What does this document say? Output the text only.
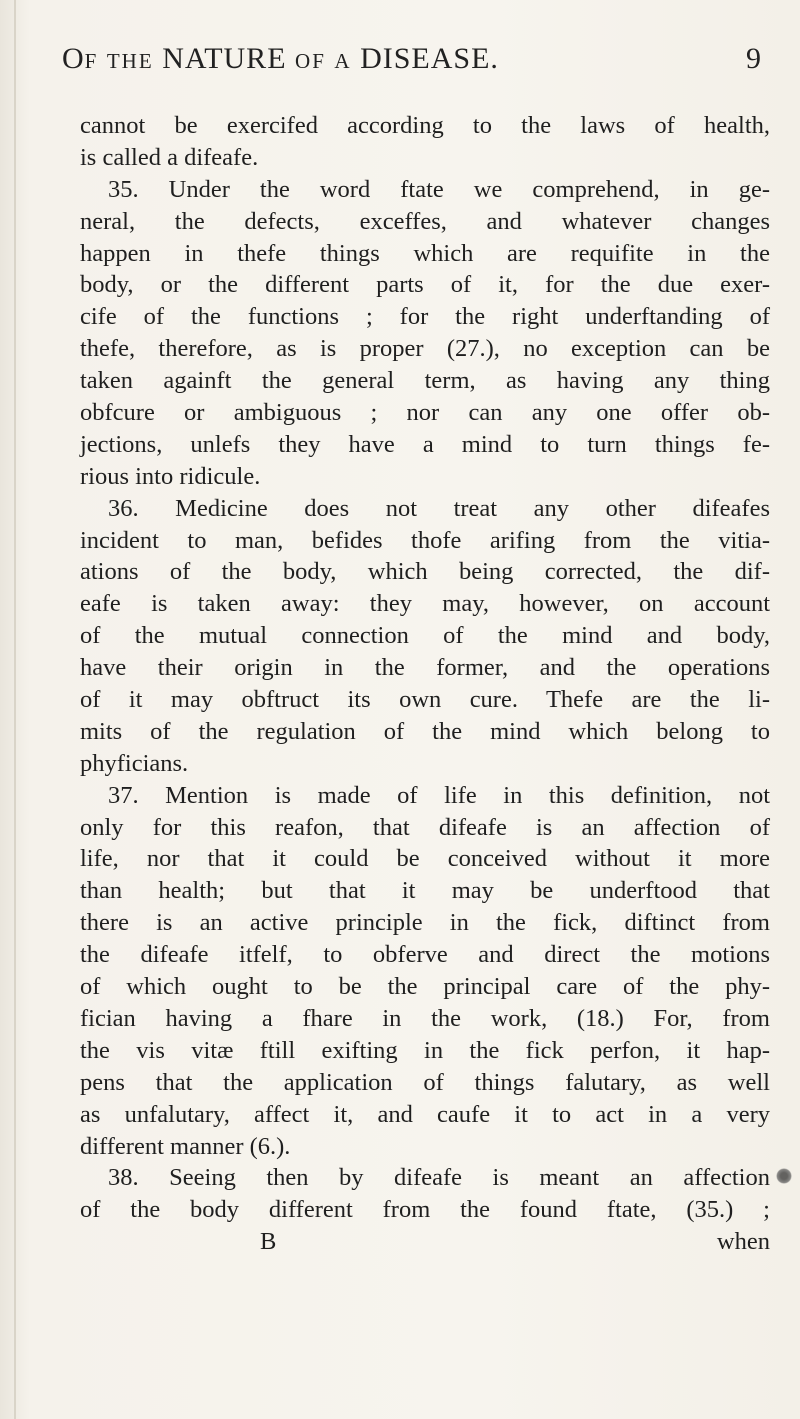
OF THE NATURE OF A DISEASE.	9
cannot be exercifed according to the laws of health,
is called a difeafe.
35. Under the word ftate we comprehend, in ge-
neral, the defects, exceffes, and whatever changes
happen in thefe things which are requifite in the
body, or the different parts of it, for the due exer-
cife of the functions ; for the right underftanding of
thefe, therefore, as is proper (27.), no exception can be
taken againft the general term, as having any thing
obfcure or ambiguous ; nor can any one offer ob-
jections, unlefs they have a mind to turn things fe-
rious into ridicule.
36. Medicine does not treat any other difeafes
incident to man, befides thofe arifing from the vitia-
ations of the body, which being corrected, the dif-
eafe is taken away: they may, however, on account
of the mutual connection of the mind and body,
have their origin in the former, and the operations
of it may obftruct its own cure. Thefe are the li-
mits of the regulation of the mind which belong to
phyficians.
37. Mention is made of life in this definition, not
only for this reafon, that difeafe is an affection of
life, nor that it could be conceived without it more
than health; but that it may be underftood that
there is an active principle in the fick, diftinct from
the difeafe itfelf, to obferve and direct the motions
of which ought to be the principal care of the phy-
fician having a fhare in the work, (18.) For, from
the vis vitæ ftill exifting in the fick perfon, it hap-
pens that the application of things falutary, as well
as unfalutary, affect it, and caufe it to act in a very
different manner (6.).
38. Seeing then by difeafe is meant an affection
of the body different from the found ftate, (35.) ;
B	when
